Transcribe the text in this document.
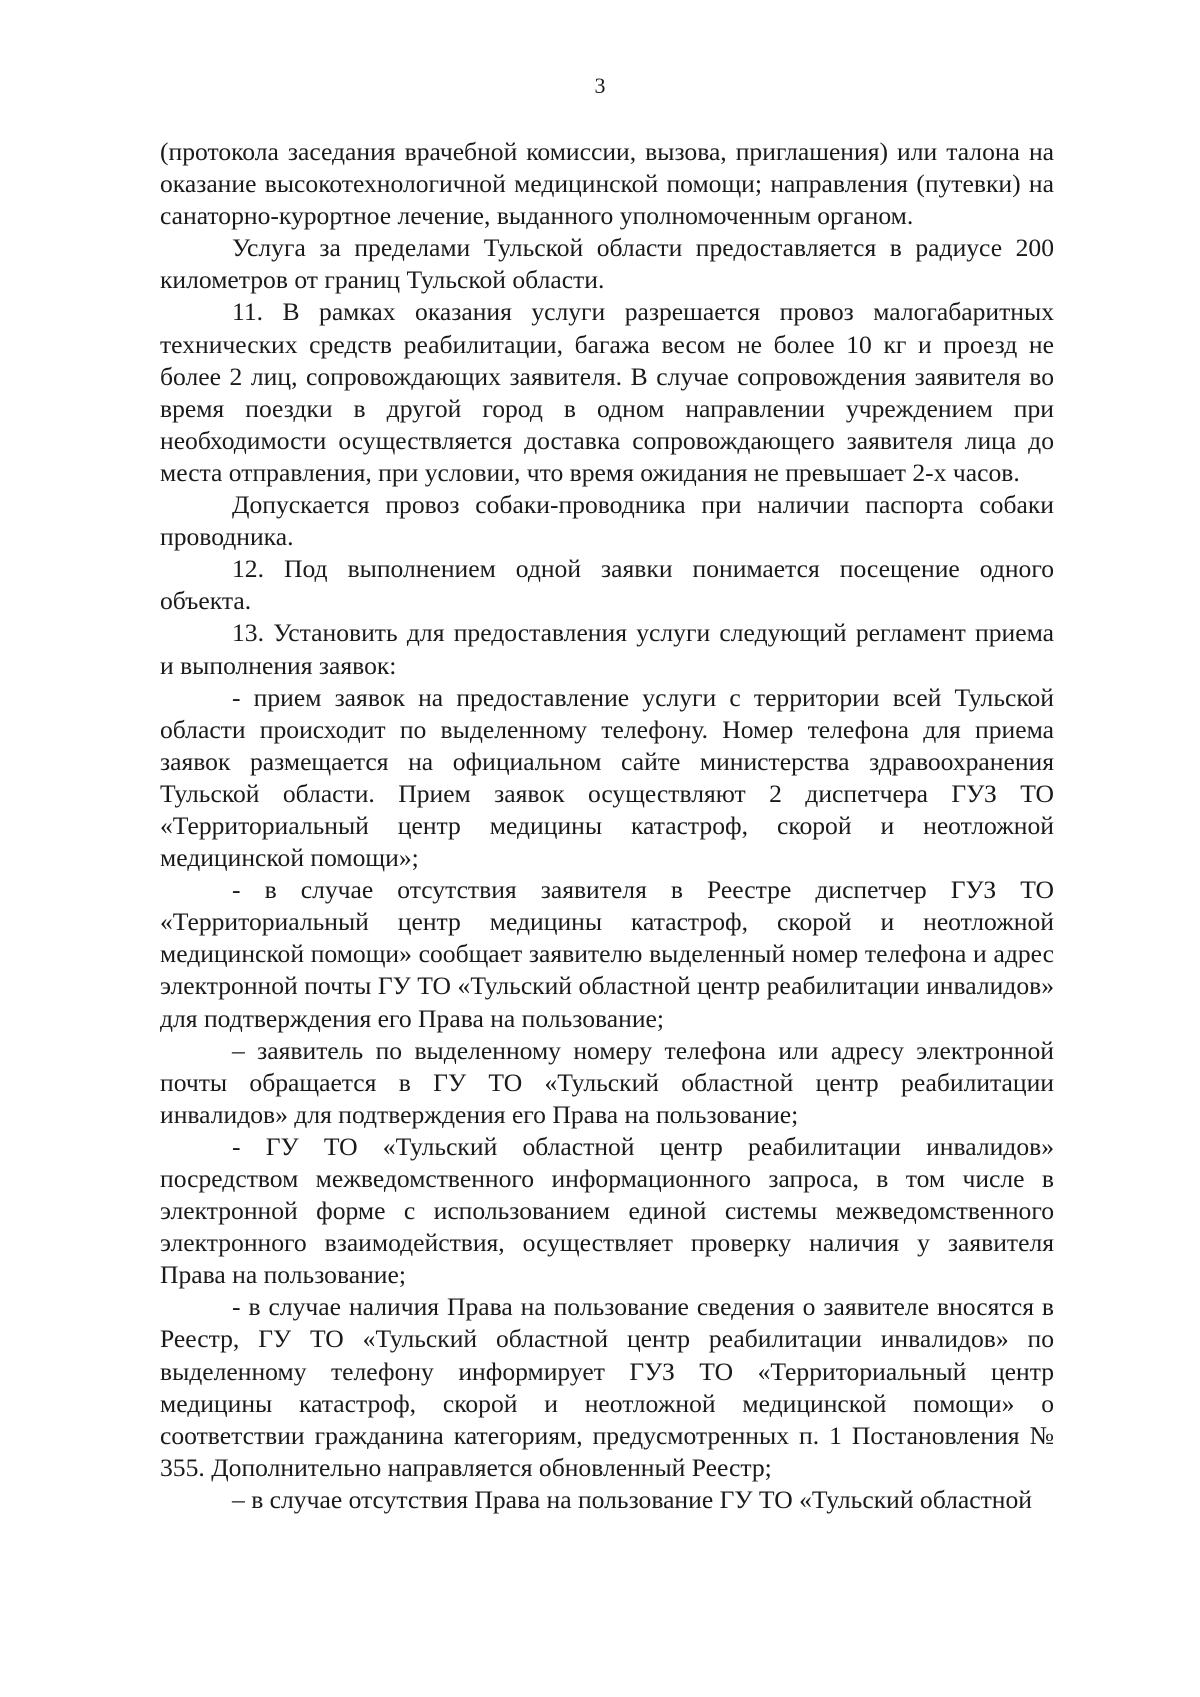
3

(протокола заседания врачебной комиссии, вызова, приглашения) или талона на оказание высокотехнологичной медицинской помощи; направления (путевки) на санаторно-курортное лечение, выданного уполномоченным органом.

Услуга за пределами Тульской области предоставляется в радиусе 200 километров от границ Тульской области.

11. В рамках оказания услуги разрешается провоз малогабаритных технических средств реабилитации, багажа весом не более 10 кг и проезд не более 2 лиц, сопровождающих заявителя. В случае сопровождения заявителя во время поездки в другой город в одном направлении учреждением при необходимости осуществляется доставка сопровождающего заявителя лица до места отправления, при условии, что время ожидания не превышает 2-х часов.

Допускается провоз собаки-проводника при наличии паспорта собаки проводника.

12. Под выполнением одной заявки понимается посещение одного объекта.

13. Установить для предоставления услуги следующий регламент приема и выполнения заявок:

- прием заявок на предоставление услуги с территории всей Тульской области происходит по выделенному телефону. Номер телефона для приема заявок размещается на официальном сайте министерства здравоохранения Тульской области. Прием заявок осуществляют 2 диспетчера ГУЗ ТО «Территориальный центр медицины катастроф, скорой и неотложной медицинской помощи»;

- в случае отсутствия заявителя в Реестре диспетчер ГУЗ ТО «Территориальный центр медицины катастроф, скорой и неотложной медицинской помощи» сообщает заявителю выделенный номер телефона и адрес электронной почты ГУ ТО «Тульский областной центр реабилитации инвалидов» для подтверждения его Права на пользование;

– заявитель по выделенному номеру телефона или адресу электронной почты обращается в ГУ ТО «Тульский областной центр реабилитации инвалидов» для подтверждения его Права на пользование;

- ГУ ТО «Тульский областной центр реабилитации инвалидов» посредством межведомственного информационного запроса, в том числе в электронной форме с использованием единой системы межведомственного электронного взаимодействия, осуществляет проверку наличия у заявителя Права на пользование;

- в случае наличия Права на пользование сведения о заявителе вносятся в Реестр, ГУ ТО «Тульский областной центр реабилитации инвалидов» по выделенному телефону информирует ГУЗ ТО «Территориальный центр медицины катастроф, скорой и неотложной медицинской помощи» о соответствии гражданина категориям, предусмотренных п. 1 Постановления № 355. Дополнительно направляется обновленный Реестр;

– в случае отсутствия Права на пользование ГУ ТО «Тульский областной
